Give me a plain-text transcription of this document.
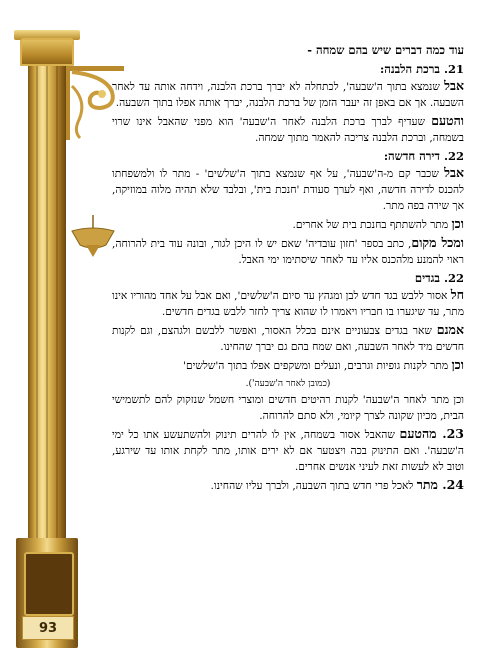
93

עוד כמה דברים שיש בהם שמחה -

21. ברכת הלבנה:

אבל שנמצא בתוך ה'שבעה', לכתחלה לא יברך ברכת הלבנה, וידחה אותה עד לאחר השבעה. אך אם באפן זה יעבר הזמן של ברכת הלבנה, יברך אותה אפלו בתוך השבעה.

והטעם שעדיף לברך ברכת הלבנה לאחר ה'שבעה' הוא מפני שהאבל אינו שרוי בשמחה, וברכת הלבנה צריכה להאמר מתוך שמחה.

22. דירה חדשה:

אבל שכבר קם מ-ה'שבעה', על אף שנמצא בתוך ה'שלשים' - מתר לו ולמשפחתו להכנס לדירה חדשה, ואף לערך סעודת 'חנכת בית', ובלבד שלא תהיה מלוה במוזיקה, אך שירה בפה מתר.

וכן מתר להשתתף בחנכת בית של אחרים.

ומכל מקום, כתב בספר 'חזון עובדיה' שאם יש לו היכן לגור, ובונה עוד בית להרוחה, ראוי להמנע מלהכנס אליו עד לאחר שיסתימו ימי האבל.

22. בגדים

חל אסור ללבש בגד חדש לבן ומגהץ עד סיום ה'שלשים', ואם אבל על אחד מהוריו אינו מתר, עד שיגערו בו חבריו ויאמרו לו שהוא צריך לחזר ללבש בגדים חדשים.

אמנם שאר בגדים צבעוניים אינם בכלל האסור, ואפשר ללבשם ולגהצם, וגם לקנות חדשים מיד לאחר השבעה, ואם שמח בהם גם יברך שהחינו.

וכן מתר לקנות גופיות וגרבים, ונעלים ומשקפים אפלו בתוך ה'שלשים'

(כמובן לאחר ה'שבעה').

וכן מתר לאחר ה'שבעה' לקנות רהיטים חדשים ומוצרי חשמל שנזקוק להם לתשמישי הבית, מכיון שקונה לצרך קיומי, ולא סתם להרוחה.

23. מהטעם שהאבל אסור בשמחה, אין לו להרים תינוק ולהשתעשע אתו כל ימי ה'שבעה'. ואם התינוק בכה ויצטער אם לא ירים אותו, מתר לקחת אותו עד שירגע, וטוב לא לעשות זאת לעיני אנשים אחרים.

24. מתר לאכל פרי חדש בתוך השבעה, ולברך עליו שהחינו.
